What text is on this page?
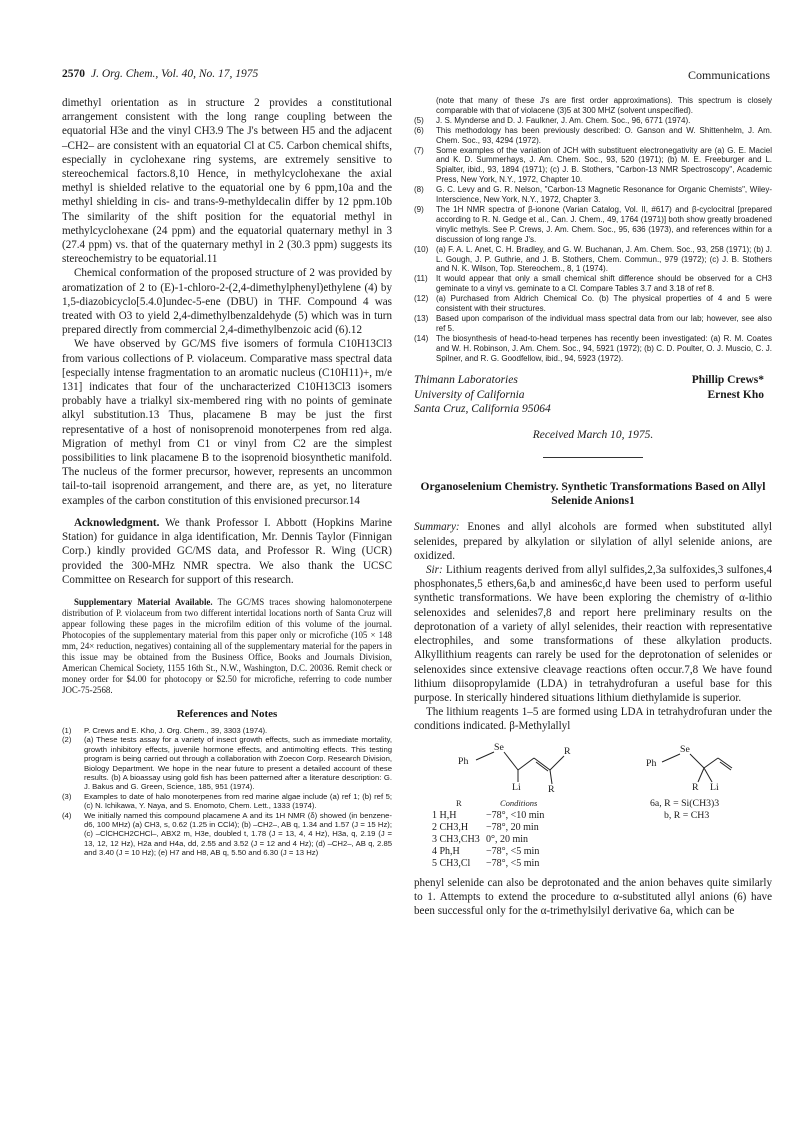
2570 J. Org. Chem., Vol. 40, No. 17, 1975	Communications

dimethyl orientation as in structure 2 provides a constitutional arrangement consistent with the long range coupling between the equatorial H3e and the vinyl CH3.9 The J's between H5 and the adjacent –CH2– are consistent with an equatorial Cl at C5. Carbon chemical shifts, especially in cyclohexane ring systems, are extremely sensitive to stereochemical factors.8,10 Hence, in methylcyclohexane the axial methyl is shielded relative to the equatorial one by 6 ppm,10a and the methyl shielding in cis- and trans-9-methyldecalin differ by 12 ppm.10b The similarity of the shift position for the equatorial methyl in methylcyclohexane (24 ppm) and the equatorial quaternary methyl in 3 (27.4 ppm) vs. that of the quaternary methyl in 2 (30.3 ppm) suggests its stereochemistry to be equatorial.11

Chemical conformation of the proposed structure of 2 was provided by aromatization of 2 to (E)-1-chloro-2-(2,4-dimethylphenyl)ethylene (4) by 1,5-diazobicyclo[5.4.0]undec-5-ene (DBU) in THF. Compound 4 was treated with O3 to yield 2,4-dimethylbenzaldehyde (5) which was in turn prepared directly from commercial 2,4-dimethylbenzoic acid (6).12

We have observed by GC/MS five isomers of formula C10H13Cl3 from various collections of P. violaceum. Comparative mass spectral data [especially intense fragmentation to an aromatic nucleus (C10H11)+, m/e 131] indicates that four of the uncharacterized C10H13Cl3 isomers probably have a trialkyl six-membered ring with no points of geminate alkyl substitution.13 Thus, placamene B may be just the first representative of a host of nonisoprenoid monoterpenes from red alga. Migration of methyl from C1 or vinyl from C2 are the simplest possibilities to link placamene B to the isoprenoid biosynthetic manifold. The nucleus of the former precursor, however, represents an uncommon tail-to-tail isoprenoid arrangement, and there are, as yet, no literature examples of the carbon constitution of this envisioned precursor.14

Acknowledgment. We thank Professor I. Abbott (Hopkins Marine Station) for guidance in alga identification, Mr. Dennis Taylor (Finnigan Corp.) kindly provided GC/MS data, and Professor R. Wing (UCR) provided the 300-MHz NMR spectra. We also thank the UCSC Committee on Research for support of this research.

Supplementary Material Available. The GC/MS traces showing halomonoterpene distribution of P. violaceum from two different intertidal locations north of Santa Cruz will appear following these pages in the microfilm edition of this volume of the journal. Photocopies of the supplementary material from this paper only or microfiche (105 × 148 mm, 24× reduction, negatives) containing all of the supplementary material for the papers in this issue may be obtained from the Business Office, Books and Journals Division, American Chemical Society, 1155 16th St., N.W., Washington, D.C. 20036. Remit check or money order for $4.00 for photocopy or $2.50 for microfiche, referring to code number JOC-75-2568.

References and Notes
(1) P. Crews and E. Kho, J. Org. Chem., 39, 3303 (1974).
(2) (a) These tests assay for a variety of insect growth effects, such as immediate mortality, growth inhibitory effects, juvenile hormone effects, and antimolting effects. This testing program is being carried out through a collaboration with Zoecon Corp. Research Division, Biology Department. We hope in the near future to present a detailed account of these results. (b) A bioassay using gold fish has been patterned after a literature description: G. J. Bakus and G. Green, Science, 185, 951 (1974).
(3) Examples to date of halo monoterpenes from red marine algae include (a) ref 1; (b) ref 5; (c) N. Ichikawa, Y. Naya, and S. Enomoto, Chem. Lett., 1333 (1974).
(4) We initially named this compound placamene A and its 1H NMR (δ) showed (in benzene-d6, 100 MHz) (a) CH3, s, 0.62 (1.25 in CCl4); (b) –CH2–, AB q, 1.34 and 1.57 (J = 15 Hz); (c) –ClCHCH2CHCl–, ABX2 m, H3e, doubled t, 1.78 (J = 13, 4, 4 Hz), H3a, q, 2.19 (J = 13, 12, 12 Hz), H2a and H4a, dd, 2.55 and 3.52 (J = 12 and 4 Hz); (d) –CH2–, AB q, 2.85 and 3.40 (J = 10 Hz); (e) H7 and H8, AB q, 5.50 and 6.30 (J = 13 Hz)
(note that many of these J's are first order approximations). This spectrum is closely comparable with that of violacene (3)5 at 300 MHZ (solvent unspecified).
(5) J. S. Mynderse and D. J. Faulkner, J. Am. Chem. Soc., 96, 6771 (1974).
(6) This methodology has been previously described: O. Ganson and W. Shittenhelm, J. Am. Chem. Soc., 93, 4294 (1972).
(7) Some examples of the variation of JCH with substituent electronegativity are (a) G. E. Maciel and K. D. Summerhays, J. Am. Chem. Soc., 93, 520 (1971); (b) M. E. Freeburger and L. Spialter, ibid., 93, 1894 (1971); (c) J. B. Stothers, "Carbon-13 NMR Spectroscopy", Academic Press, New York, N.Y., 1972, Chapter 10.
(8) G. C. Levy and G. R. Nelson, "Carbon-13 Magnetic Resonance for Organic Chemists", Wiley-Interscience, New York, N.Y., 1972, Chapter 3.
(9) The 1H NMR spectra of β-ionone (Varian Catalog, Vol. II, #617) and β-cyclocitral [prepared according to R. N. Gedge et al., Can. J. Chem., 49, 1764 (1971)] both show greatly broadened vinylic methyls. See P. Crews, J. Am. Chem. Soc., 95, 636 (1973), and references within for a discussion of long range J's.
(10) (a) F. A. L. Anet, C. H. Bradley, and G. W. Buchanan, J. Am. Chem. Soc., 93, 258 (1971); (b) J. L. Gough, J. P. Guthrie, and J. B. Stothers, Chem. Commun., 979 (1972); (c) J. B. Stothers and N. K. Wilson, Top. Stereochem., 8, 1 (1974).
(11) It would appear that only a small chemical shift difference should be observed for a CH3 geminate to a vinyl vs. geminate to a Cl. Compare Tables 3.7 and 3.18 of ref 8.
(12) (a) Purchased from Aldrich Chemical Co. (b) The physical properties of 4 and 5 were consistent with their structures.
(13) Based upon comparison of the individual mass spectral data from our lab; however, see also ref 5.
(14) The biosynthesis of head-to-head terpenes has recently been investigated: (a) R. M. Coates and W. H. Robinson, J. Am. Chem. Soc., 94, 5921 (1972); (b) C. D. Poulter, O. J. Muscio, C. J. Spilner, and R. G. Goodfellow, ibid., 94, 5923 (1972).
Thimann Laboratories
University of California
Santa Cruz, California 95064
Phillip Crews*
Ernest Kho
Received March 10, 1975.
Organoselenium Chemistry. Synthetic Transformations Based on Allyl Selenide Anions1
Summary: Enones and allyl alcohols are formed when substituted allyl selenides, prepared by alkylation or silylation of allyl selenide anions, are oxidized.

Sir: Lithium reagents derived from allyl sulfides,2,3a sulfoxides,3 sulfones,4 phosphonates,5 ethers,6a,b and amines6c,d have been used to perform useful synthetic transformations. We have been exploring the chemistry of α-lithio selenoxides and selenides7,8 and report here preliminary results on the deprotonation of a variety of allyl selenides, their reaction with representative electrophiles, and some transformations of these alkylation products. Alkyllithium reagents can rarely be used for the deprotonation of selenides or selenoxides since extensive cleavage reactions often occur.7,8 We have found lithium diisopropylamide (LDA) in tetrahydrofuran a useful base for this purpose. In sterically hindered situations lithium diethylamide is superior.

The lithium reagents 1–5 are formed using LDA in tetrahydrofuran under the conditions indicated. β-Methylallyl

Se
Ph
R
Li	R
Se
Ph
R Li
R	Conditions
1 H,H	−78°, <10 min
2 CH3,H −78°, 20 min
3 CH3,CH3 0°, 20 min
4 Ph,H	−78°, <5 min
5 CH3,Cl −78°, <5 min
6a, R = Si(CH3)3
b, R = CH3

phenyl selenide can also be deprotonated and the anion behaves quite similarly to 1. Attempts to extend the procedure to α-substituted allyl anions (6) have been successful only for the α-trimethylsilyl derivative 6a, which can be
